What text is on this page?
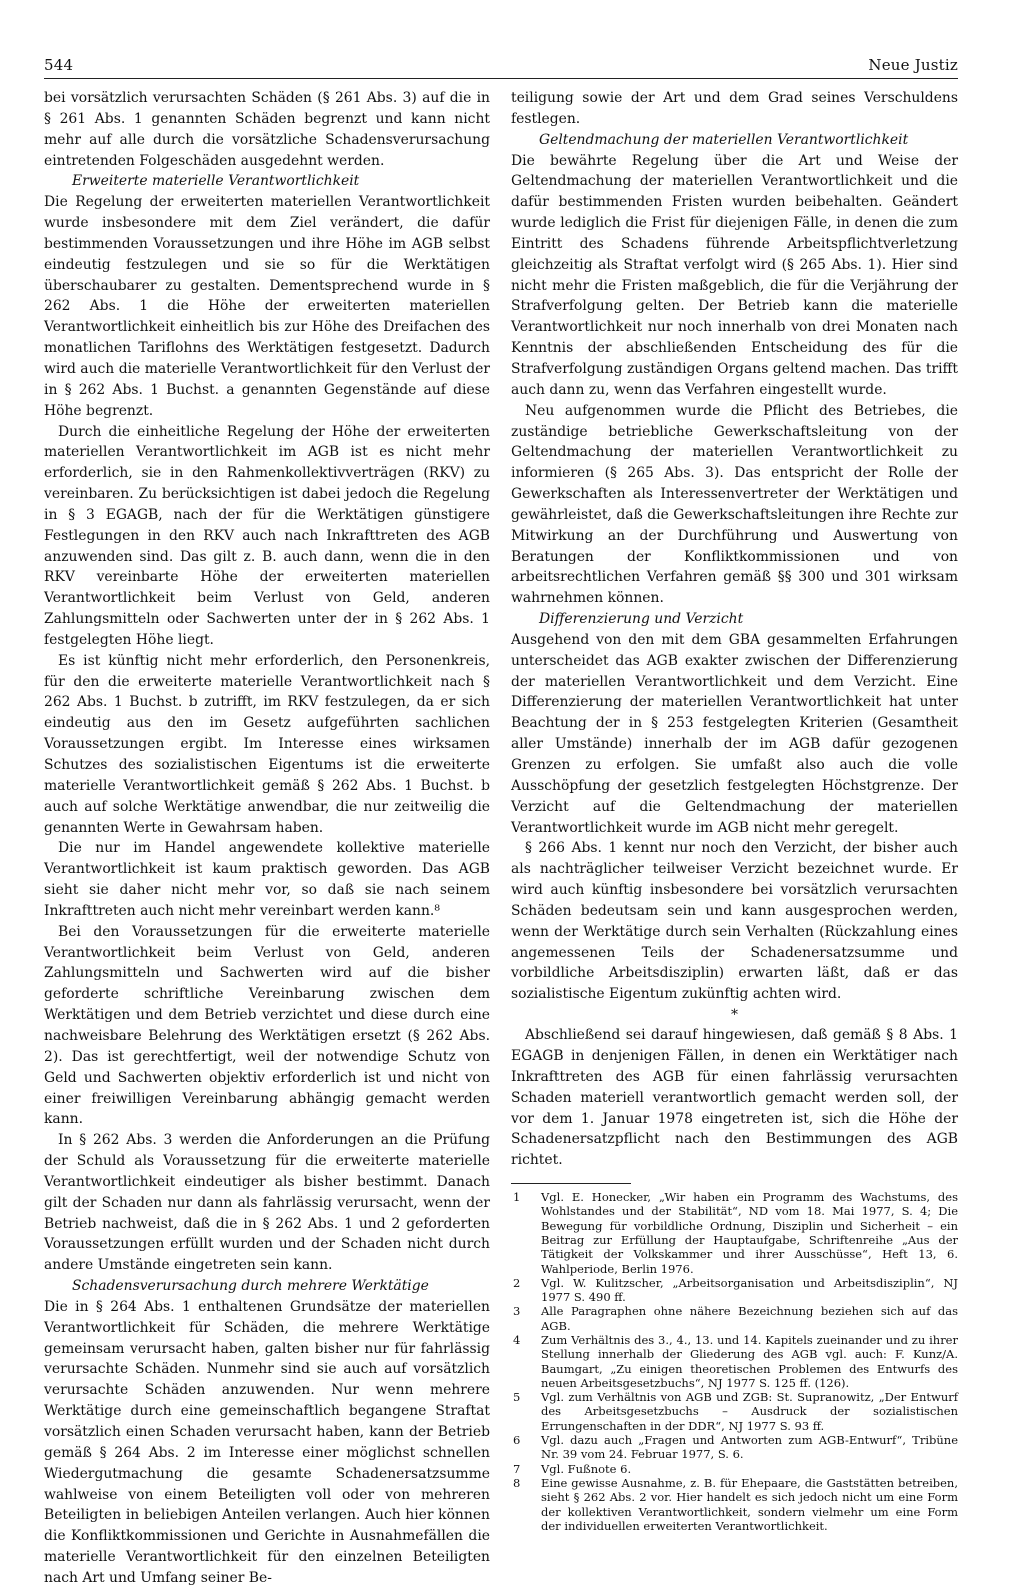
544	Neue Justiz

bei vorsätzlich verursachten Schäden (§ 261 Abs. 3) auf die in § 261 Abs. 1 genannten Schäden begrenzt und kann nicht mehr auf alle durch die vorsätzliche Schadensverursachung eintretenden Folgeschäden ausgedehnt werden.

Erweiterte materielle Verantwortlichkeit

Die Regelung der erweiterten materiellen Verantwortlichkeit wurde insbesondere mit dem Ziel verändert, die dafür bestimmenden Voraussetzungen und ihre Höhe im AGB selbst eindeutig festzulegen und sie so für die Werktätigen überschaubarer zu gestalten. Dementsprechend wurde in § 262 Abs. 1 die Höhe der erweiterten materiellen Verantwortlichkeit einheitlich bis zur Höhe des Dreifachen des monatlichen Tariflohns des Werktätigen festgesetzt. Dadurch wird auch die materielle Verantwortlichkeit für den Verlust der in § 262 Abs. 1 Buchst. a genannten Gegenstände auf diese Höhe begrenzt.

Durch die einheitliche Regelung der Höhe der erweiterten materiellen Verantwortlichkeit im AGB ist es nicht mehr erforderlich, sie in den Rahmenkollektivverträgen (RKV) zu vereinbaren. Zu berücksichtigen ist dabei jedoch die Regelung in § 3 EGAGB, nach der für die Werktätigen günstigere Festlegungen in den RKV auch nach Inkrafttreten des AGB anzuwenden sind. Das gilt z. B. auch dann, wenn die in den RKV vereinbarte Höhe der erweiterten materiellen Verantwortlichkeit beim Verlust von Geld, anderen Zahlungsmitteln oder Sachwerten unter der in § 262 Abs. 1 festgelegten Höhe liegt.

Es ist künftig nicht mehr erforderlich, den Personenkreis, für den die erweiterte materielle Verantwortlichkeit nach § 262 Abs. 1 Buchst. b zutrifft, im RKV festzulegen, da er sich eindeutig aus den im Gesetz aufgeführten sachlichen Voraussetzungen ergibt. Im Interesse eines wirksamen Schutzes des sozialistischen Eigentums ist die erweiterte materielle Verantwortlichkeit gemäß § 262 Abs. 1 Buchst. b auch auf solche Werktätige anwendbar, die nur zeitweilig die genannten Werte in Gewahrsam haben.

Die nur im Handel angewendete kollektive materielle Verantwortlichkeit ist kaum praktisch geworden. Das AGB sieht sie daher nicht mehr vor, so daß sie nach seinem Inkrafttreten auch nicht mehr vereinbart werden kann.⁸

Bei den Voraussetzungen für die erweiterte materielle Verantwortlichkeit beim Verlust von Geld, anderen Zahlungsmitteln und Sachwerten wird auf die bisher geforderte schriftliche Vereinbarung zwischen dem Werktätigen und dem Betrieb verzichtet und diese durch eine nachweisbare Belehrung des Werktätigen ersetzt (§ 262 Abs. 2). Das ist gerechtfertigt, weil der notwendige Schutz von Geld und Sachwerten objektiv erforderlich ist und nicht von einer freiwilligen Vereinbarung abhängig gemacht werden kann.

In § 262 Abs. 3 werden die Anforderungen an die Prüfung der Schuld als Voraussetzung für die erweiterte materielle Verantwortlichkeit eindeutiger als bisher bestimmt. Danach gilt der Schaden nur dann als fahrlässig verursacht, wenn der Betrieb nachweist, daß die in § 262 Abs. 1 und 2 geforderten Voraussetzungen erfüllt wurden und der Schaden nicht durch andere Umstände eingetreten sein kann.

Schadensverursachung durch mehrere Werktätige

Die in § 264 Abs. 1 enthaltenen Grundsätze der materiellen Verantwortlichkeit für Schäden, die mehrere Werktätige gemeinsam verursacht haben, galten bisher nur für fahrlässig verursachte Schäden. Nunmehr sind sie auch auf vorsätzlich verursachte Schäden anzuwenden. Nur wenn mehrere Werktätige durch eine gemeinschaftlich begangene Straftat vorsätzlich einen Schaden verursacht haben, kann der Betrieb gemäß § 264 Abs. 2 im Interesse einer möglichst schnellen Wiedergutmachung die gesamte Schadenersatzsumme wahlweise von einem Beteiligten voll oder von mehreren Beteiligten in beliebigen Anteilen verlangen. Auch hier können die Konfliktkommissionen und Gerichte in Ausnahmefällen die materielle Verantwortlichkeit für den einzelnen Beteiligten nach Art und Umfang seiner Be-

teiligung sowie der Art und dem Grad seines Verschuldens festlegen.

Geltendmachung der materiellen Verantwortlichkeit

Die bewährte Regelung über die Art und Weise der Geltendmachung der materiellen Verantwortlichkeit und die dafür bestimmenden Fristen wurden beibehalten. Geändert wurde lediglich die Frist für diejenigen Fälle, in denen die zum Eintritt des Schadens führende Arbeitspflichtverletzung gleichzeitig als Straftat verfolgt wird (§ 265 Abs. 1). Hier sind nicht mehr die Fristen maßgeblich, die für die Verjährung der Strafverfolgung gelten. Der Betrieb kann die materielle Verantwortlichkeit nur noch innerhalb von drei Monaten nach Kenntnis der abschließenden Entscheidung des für die Strafverfolgung zuständigen Organs geltend machen. Das trifft auch dann zu, wenn das Verfahren eingestellt wurde.

Neu aufgenommen wurde die Pflicht des Betriebes, die zuständige betriebliche Gewerkschaftsleitung von der Geltendmachung der materiellen Verantwortlichkeit zu informieren (§ 265 Abs. 3). Das entspricht der Rolle der Gewerkschaften als Interessenvertreter der Werktätigen und gewährleistet, daß die Gewerkschaftsleitungen ihre Rechte zur Mitwirkung an der Durchführung und Auswertung von Beratungen der Konfliktkommissionen und von arbeitsrechtlichen Verfahren gemäß §§ 300 und 301 wirksam wahrnehmen können.

Differenzierung und Verzicht

Ausgehend von den mit dem GBA gesammelten Erfahrungen unterscheidet das AGB exakter zwischen der Differenzierung der materiellen Verantwortlichkeit und dem Verzicht. Eine Differenzierung der materiellen Verantwortlichkeit hat unter Beachtung der in § 253 festgelegten Kriterien (Gesamtheit aller Umstände) innerhalb der im AGB dafür gezogenen Grenzen zu erfolgen. Sie umfaßt also auch die volle Ausschöpfung der gesetzlich festgelegten Höchstgrenze. Der Verzicht auf die Geltendmachung der materiellen Verantwortlichkeit wurde im AGB nicht mehr geregelt.

§ 266 Abs. 1 kennt nur noch den Verzicht, der bisher auch als nachträglicher teilweiser Verzicht bezeichnet wurde. Er wird auch künftig insbesondere bei vorsätzlich verursachten Schäden bedeutsam sein und kann ausgesprochen werden, wenn der Werktätige durch sein Verhalten (Rückzahlung eines angemessenen Teils der Schadenersatzsumme und vorbildliche Arbeitsdisziplin) erwarten läßt, daß er das sozialistische Eigentum zukünftig achten wird.

*

Abschließend sei darauf hingewiesen, daß gemäß § 8 Abs. 1 EGAGB in denjenigen Fällen, in denen ein Werktätiger nach Inkrafttreten des AGB für einen fahrlässig verursachten Schaden materiell verantwortlich gemacht werden soll, der vor dem 1. Januar 1978 eingetreten ist, sich die Höhe der Schadenersatzpflicht nach den Bestimmungen des AGB richtet.

1	Vgl. E. Honecker, „Wir haben ein Programm des Wachstums, des Wohlstandes und der Stabilität“, ND vom 18. Mai 1977, S. 4; Die Bewegung für vorbildliche Ordnung, Disziplin und Sicherheit – ein Beitrag zur Erfüllung der Hauptaufgabe, Schriftenreihe „Aus der Tätigkeit der Volkskammer und ihrer Ausschüsse“, Heft 13, 6. Wahlperiode, Berlin 1976.
2	Vgl. W. Kulitzscher, „Arbeitsorganisation und Arbeitsdisziplin“, NJ 1977 S. 490 ff.
3	Alle Paragraphen ohne nähere Bezeichnung beziehen sich auf das AGB.
4	Zum Verhältnis des 3., 4., 13. und 14. Kapitels zueinander und zu ihrer Stellung innerhalb der Gliederung des AGB vgl. auch: F. Kunz/A. Baumgart, „Zu einigen theoretischen Problemen des Entwurfs des neuen Arbeitsgesetzbuchs“, NJ 1977 S. 125 ff. (126).
5	Vgl. zum Verhältnis von AGB und ZGB: St. Supranowitz, „Der Entwurf des Arbeitsgesetzbuchs – Ausdruck der sozialistischen Errungenschaften in der DDR“, NJ 1977 S. 93 ff.
6	Vgl. dazu auch „Fragen und Antworten zum AGB-Entwurf“, Tribüne Nr. 39 vom 24. Februar 1977, S. 6.
7	Vgl. Fußnote 6.
8	Eine gewisse Ausnahme, z. B. für Ehepaare, die Gaststätten betreiben, sieht § 262 Abs. 2 vor. Hier handelt es sich jedoch nicht um eine Form der kollektiven Verantwortlichkeit, sondern vielmehr um eine Form der individuellen erweiterten Verantwortlichkeit.
